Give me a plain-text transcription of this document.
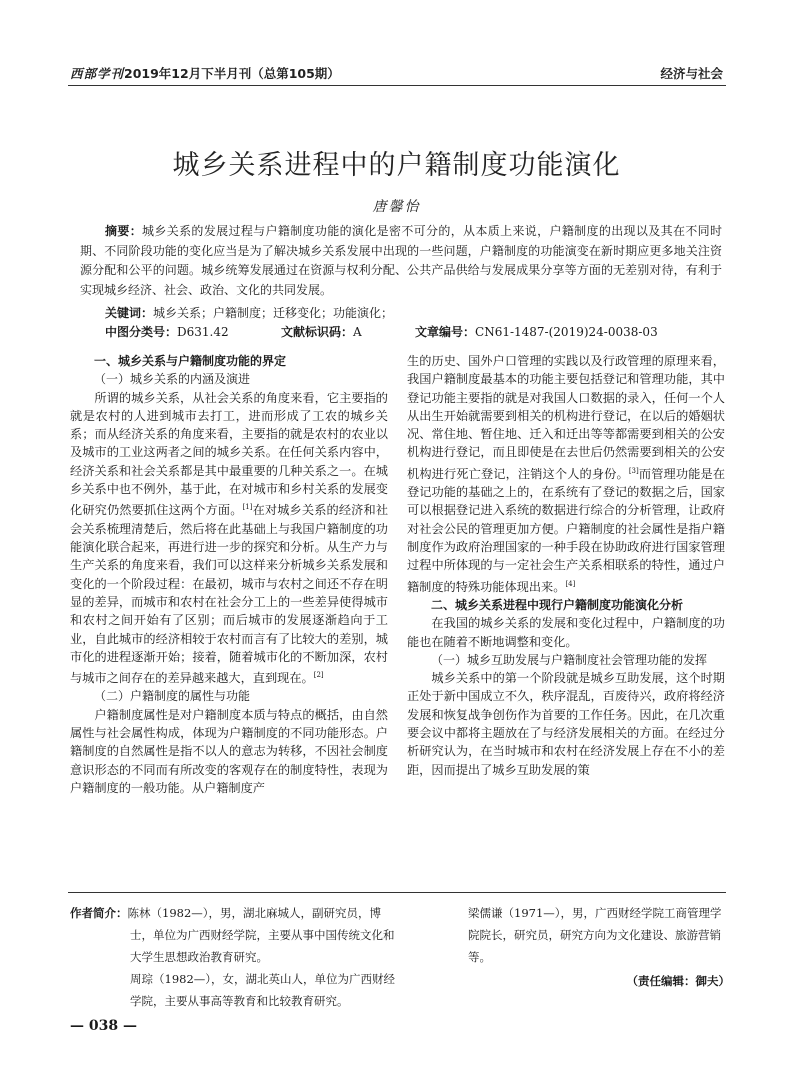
西部学刊2019年12月下半月刊（总第105期）	经济与社会
城乡关系进程中的户籍制度功能演化
唐馨怡
摘要：城乡关系的发展过程与户籍制度功能的演化是密不可分的，从本质上来说，户籍制度的出现以及其在不同时期、不同阶段功能的变化应当是为了解决城乡关系发展中出现的一些问题，户籍制度的功能演变在新时期应更多地关注资源分配和公平的问题。城乡统筹发展通过在资源与权利分配、公共产品供给与发展成果分享等方面的无差别对待，有利于实现城乡经济、社会、政治、文化的共同发展。
关键词：城乡关系；户籍制度；迁移变化；功能演化；
中图分类号：D631.42	文献标识码：A	文章编号：CN61-1487-(2019)24-0038-03
一、城乡关系与户籍制度功能的界定
（一）城乡关系的内涵及演进

所谓的城乡关系，从社会关系的角度来看，它主要指的就是农村的人进到城市去打工，进而形成了工农的城乡关系；而从经济关系的角度来看，主要指的就是农村的农业以及城市的工业这两者之间的城乡关系。在任何关系内容中，经济关系和社会关系都是其中最重要的几种关系之一。在城乡关系中也不例外，基于此，在对城市和乡村关系的发展变化研究仍然要抓住这两个方面。[1]在对城乡关系的经济和社会关系梳理清楚后，然后将在此基础上与我国户籍制度的功能演化联合起来，再进行进一步的探究和分析。从生产力与生产关系的角度来看，我们可以这样来分析城乡关系发展和变化的一个阶段过程：在最初，城市与农村之间还不存在明显的差异，而城市和农村在社会分工上的一些差异使得城市和农村之间开始有了区别；而后城市的发展逐渐趋向于工业，自此城市的经济相较于农村而言有了比较大的差别，城市化的进程逐渐开始；接着，随着城市化的不断加深，农村与城市之间存在的差异越来越大，直到现在。[2]

（二）户籍制度的属性与功能

户籍制度属性是对户籍制度本质与特点的概括，由自然属性与社会属性构成，体现为户籍制度的不同功能形态。户籍制度的自然属性是指不以人的意志为转移，不因社会制度意识形态的不同而有所改变的客观存在的制度特性，表现为户籍制度的一般功能。从户籍制度产

生的历史、国外户口管理的实践以及行政管理的原理来看，我国户籍制度最基本的功能主要包括登记和管理功能，其中登记功能主要指的就是对我国人口数据的录入，任何一个人从出生开始就需要到相关的机构进行登记，在以后的婚姻状况、常住地、暂住地、迁入和迁出等等都需要到相关的公安机构进行登记，而且即使是在去世后仍然需要到相关的公安机构进行死亡登记，注销这个人的身份。[3]而管理功能是在登记功能的基础之上的，在系统有了登记的数据之后，国家可以根据登记进入系统的数据进行综合的分析管理，让政府对社会公民的管理更加方便。户籍制度的社会属性是指户籍制度作为政府治理国家的一种手段在协助政府进行国家管理过程中所体现的与一定社会生产关系相联系的特性，通过户籍制度的特殊功能体现出来。[4]

二、城乡关系进程中现行户籍制度功能演化分析

在我国的城乡关系的发展和变化过程中，户籍制度的功能也在随着不断地调整和变化。

（一）城乡互助发展与户籍制度社会管理功能的发挥

城乡关系中的第一个阶段就是城乡互助发展，这个时期正处于新中国成立不久，秩序混乱，百废待兴，政府将经济发展和恢复战争创伤作为首要的工作任务。因此，在几次重要会议中都将主题放在了与经济发展相关的方面。在经过分析研究认为，在当时城市和农村在经济发展上存在不小的差距，因而提出了城乡互助发展的策

作者简介：陈林（1982—），男，湖北麻城人，副研究员，博士，单位为广西财经学院，主要从事中国传统文化和大学生思想政治教育研究。
周琮（1982—），女，湖北英山人，单位为广西财经学院，主要从事高等教育和比较教育研究。
梁儒谦（1971—），男，广西财经学院工商管理学院院长，研究员，研究方向为文化建设、旅游营销等。
（责任编辑：御夫）
— 038 —
